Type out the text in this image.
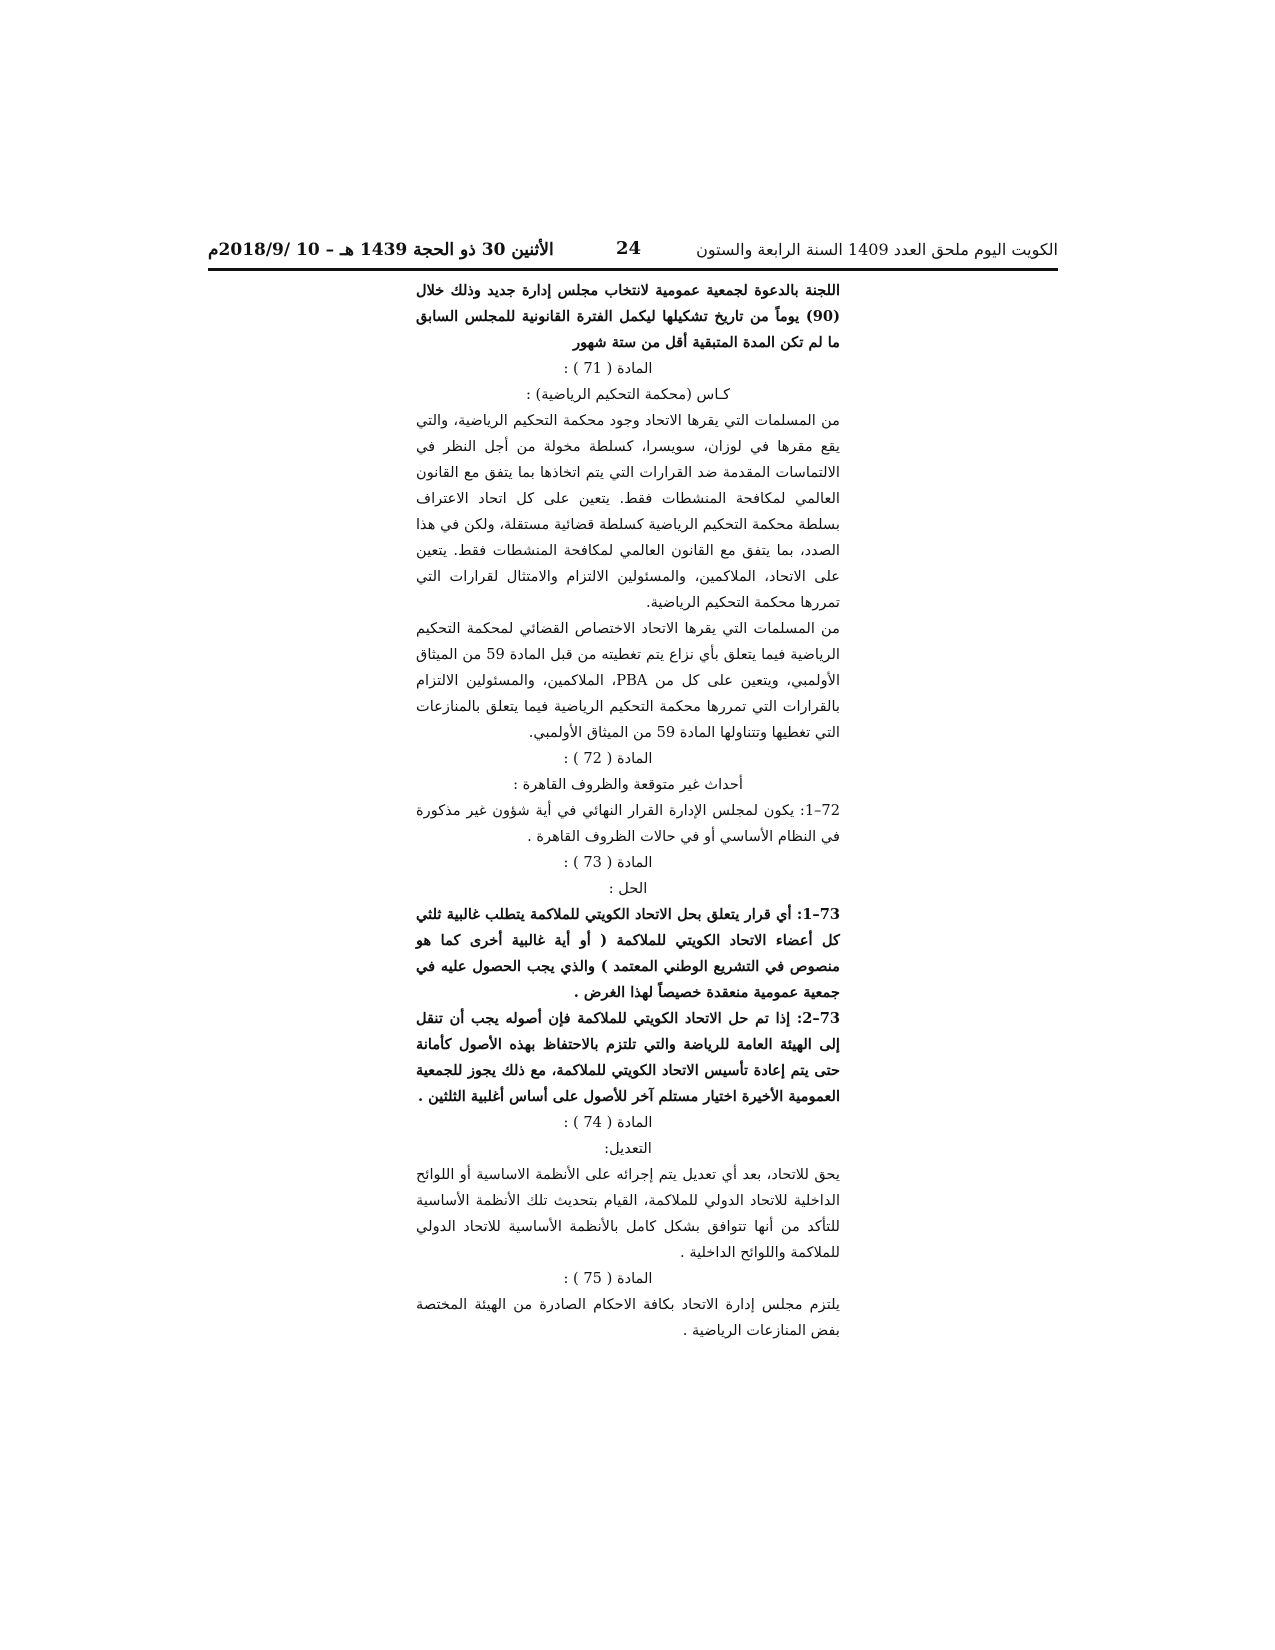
الأثنين 30 ذو الحجة 1439 هـ – 10 /2018/9م	24	الكويت اليوم ملحق العدد 1409 السنة الرابعة والستون

اللجنة بالدعوة لجمعية عمومية لانتخاب مجلس إدارة جديد وذلك خلال (90) يوماً من تاريخ تشكيلها ليكمل الفترة القانونية للمجلس السابق ما لم تكن المدة المتبقية أقل من ستة شهور

المادة ( 71 ) :

كـاس (محكمة التحكيم الرياضية) :

من المسلمات التي يقرها الاتحاد وجود محكمة التحكيم الرياضية، والتي يقع مقرها في لوزان، سويسرا، كسلطة مخولة من أجل النظر في الالتماسات المقدمة ضد القرارات التي يتم اتخاذها بما يتفق مع القانون العالمي لمكافحة المنشطات فقط. يتعين على كل اتحاد الاعتراف بسلطة محكمة التحكيم الرياضية كسلطة قضائية مستقلة، ولكن في هذا الصدد، بما يتفق مع القانون العالمي لمكافحة المنشطات فقط. يتعين على الاتحاد، الملاكمين، والمسئولين الالتزام والامتثال لقرارات التي تمررها محكمة التحكيم الرياضية.

من المسلمات التي يقرها الاتحاد الاختصاص القضائي لمحكمة التحكيم الرياضية فيما يتعلق بأي نزاع يتم تغطيته من قبل المادة 59 من الميثاق الأولمبي، ويتعين على كل من PBA، الملاكمين، والمسئولين الالتزام بالقرارات التي تمررها محكمة التحكيم الرياضية فيما يتعلق بالمنازعات التي تغطيها وتتناولها المادة 59 من الميثاق الأولمبي.

المادة ( 72 ) :

أحداث غير متوقعة والظروف القاهرة :

72–1: يكون لمجلس الإدارة القرار النهائي في أية شؤون غير مذكورة في النظام الأساسي أو في حالات الظروف القاهرة .

المادة ( 73 ) :

الحل :

73–1: أي قرار يتعلق بحل الاتحاد الكويتي للملاكمة يتطلب غالبية ثلثي كل أعضاء الاتحاد الكويتي للملاكمة ( أو أية غالبية أخرى كما هو منصوص في التشريع الوطني المعتمد ) والذي يجب الحصول عليه في جمعية عمومية منعقدة خصيصاً لهذا الغرض .

73–2: إذا تم حل الاتحاد الكويتي للملاكمة فإن أصوله يجب أن تنقل إلى الهيئة العامة للرياضة والتي تلتزم بالاحتفاظ بهذه الأصول كأمانة حتى يتم إعادة تأسيس الاتحاد الكويتي للملاكمة، مع ذلك يجوز للجمعية العمومية الأخيرة اختيار مستلم آخر للأصول على أساس أغلبية الثلثين .

المادة ( 74 ) :

التعديل:

يحق للاتحاد، بعد أي تعديل يتم إجرائه على الأنظمة الاساسية أو اللوائح الداخلية للاتحاد الدولي للملاكمة، القيام بتحديث تلك الأنظمة الأساسية للتأكد من أنها تتوافق بشكل كامل بالأنظمة الأساسية للاتحاد الدولي للملاكمة واللوائح الداخلية .

المادة ( 75 ) :

يلتزم مجلس إدارة الاتحاد بكافة الاحكام الصادرة من الهيئة المختصة بفض المنازعات الرياضية .
